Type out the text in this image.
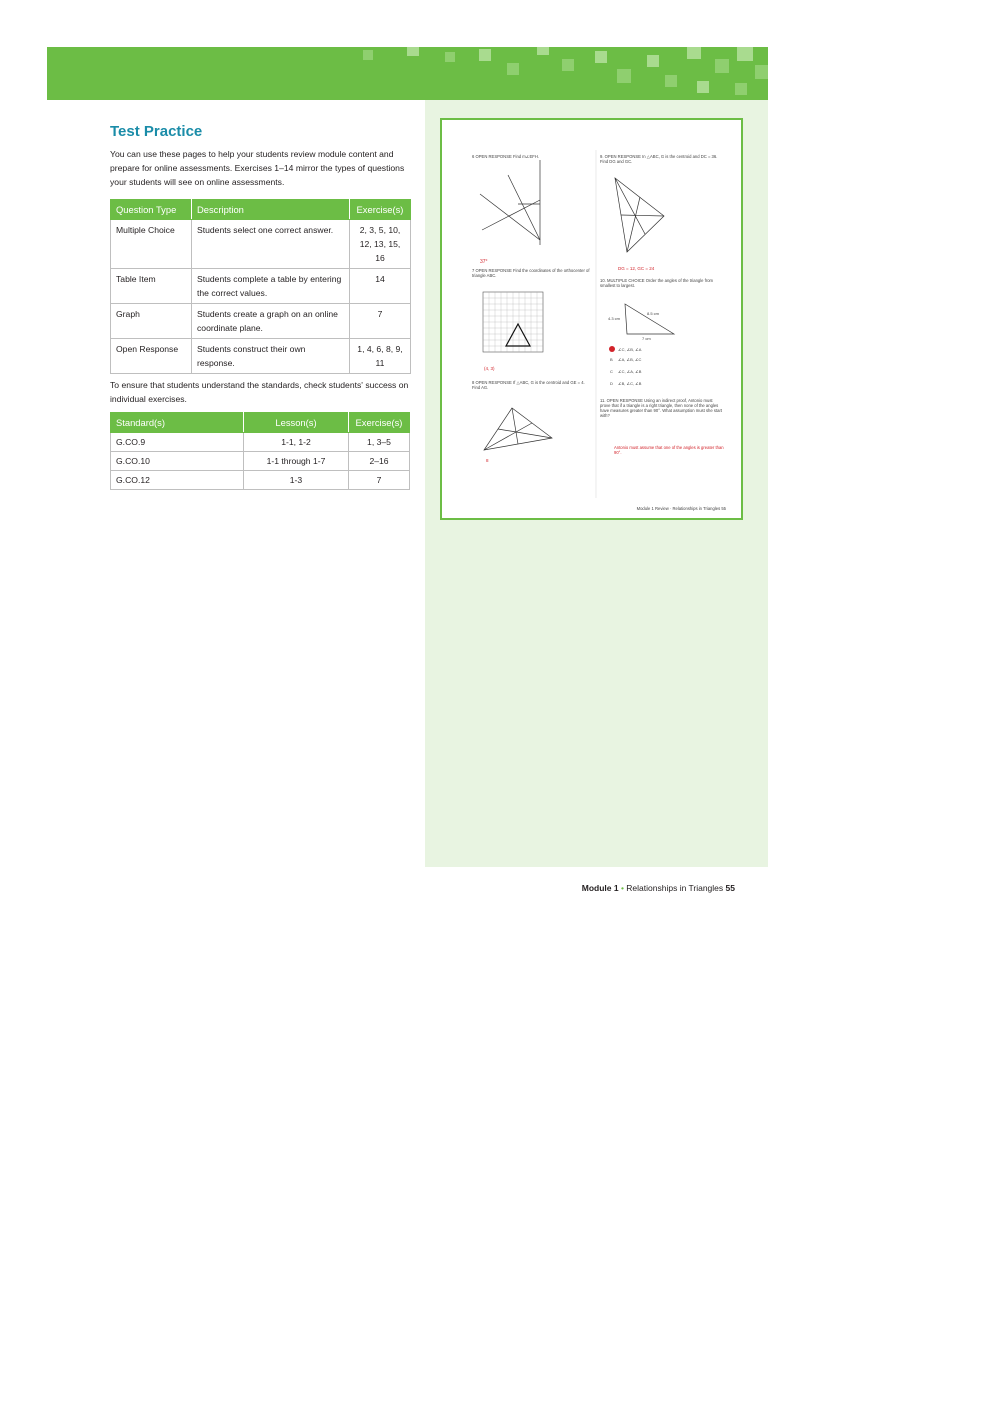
Test Practice

You can use these pages to help your students review module content and prepare for online assessments. Exercises 1–14 mirror the types of questions your students will see on online assessments.

Question Type	Description	Exercise(s)
Multiple Choice	Students select one correct answer.	2, 3, 5, 10, 12, 13, 15, 16
Table Item	Students complete a table by entering the correct values.	14
Graph	Students create a graph on an online coordinate plane.	7
Open Response	Students construct their own response.	1, 4, 6, 8, 9, 11

To ensure that students understand the standards, check students' success on individual exercises.

Standard(s)	Lesson(s)	Exercise(s)
G.CO.9	1-1, 1-2	1, 3–5
G.CO.10	1-1 through 1-7	2–16
G.CO.12	1-3	7
6 OPEN RESPONSE Find m∠EFH.
37°
7 OPEN RESPONSE Find the coordinates of the orthocenter of triangle ABC.
(4, 3)
8 OPEN RESPONSE If △ABC, G is the centroid and GE = 4. Find AG.
8
9. OPEN RESPONSE In △ABC, G is the centroid and DC = 36. Find DG and GC.
DG = 12, GC = 24
10. MULTIPLE CHOICE Order the angles of the triangle from smallest to largest.
4.3 cm
8.5 cm
7 cm
B
C
D
∠C, ∠B, ∠A
∠A, ∠B, ∠C
∠C, ∠A, ∠B
∠B, ∠C, ∠B
11. OPEN RESPONSE Using an indirect proof, Antonio must prove that if a triangle is a right triangle, then none of the angles have measures greater than 90°. What assumption must she start with?
Antonio must assume that one of the angles is greater than 90°.
Module 1 Review · Relationships in Triangles 55
Module 1 • Relationships in Triangles 55
